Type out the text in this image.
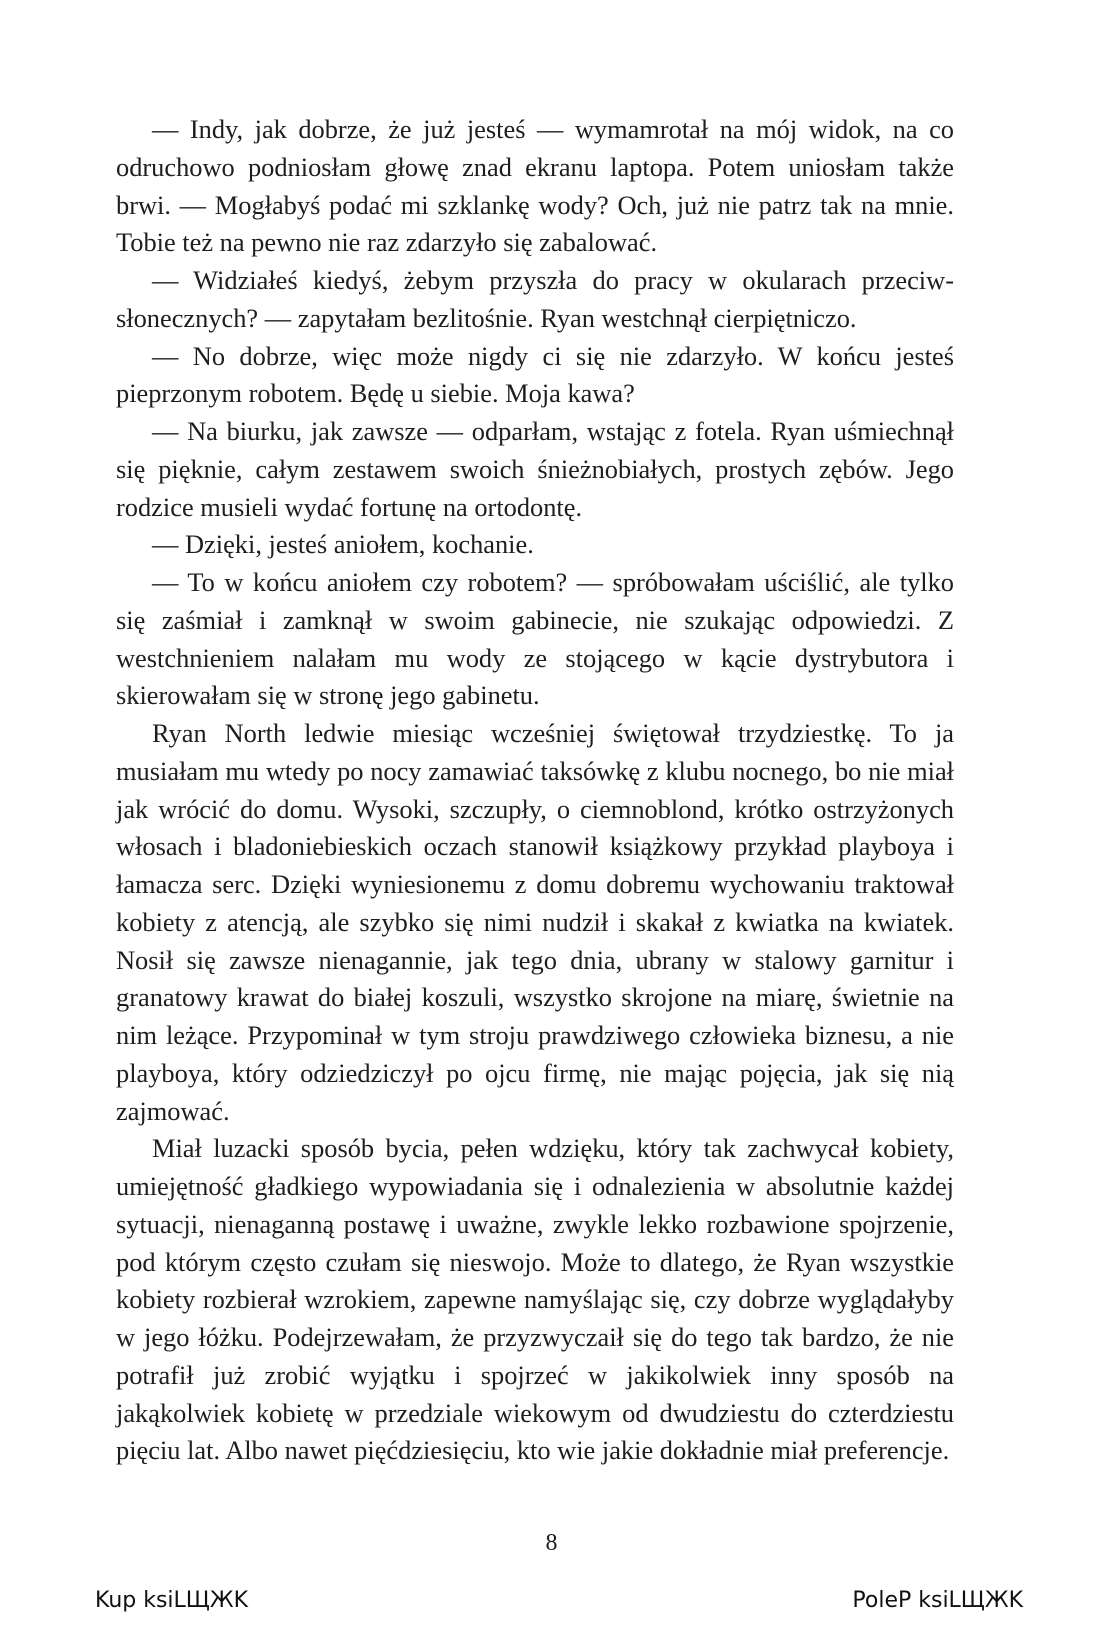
— Indy, jak dobrze, że już jesteś — wymamrotał na mój widok, na co odruchowo podniosłam głowę znad ekranu laptopa. Potem uniosłam także brwi. — Mogłabyś podać mi szklankę wody? Och, już nie patrz tak na mnie. Tobie też na pewno nie raz zdarzyło się zabalować.

— Widziałeś kiedyś, żebym przyszła do pracy w okularach przeciwsłonecznych? — zapytałam bezlitośnie. Ryan westchnął cierpiętniczo.

— No dobrze, więc może nigdy ci się nie zdarzyło. W końcu jesteś pieprzonym robotem. Będę u siebie. Moja kawa?

— Na biurku, jak zawsze — odparłam, wstając z fotela. Ryan uśmiechnął się pięknie, całym zestawem swoich śnieżnobiałych, prostych zębów. Jego rodzice musieli wydać fortunę na ortodontę.

— Dzięki, jesteś aniołem, kochanie.

— To w końcu aniołem czy robotem? — spróbowałam uściślić, ale tylko się zaśmiał i zamknął w swoim gabinecie, nie szukając odpowiedzi. Z westchnieniem nalałam mu wody ze stojącego w kącie dystrybutora i skierowałam się w stronę jego gabinetu.

Ryan North ledwie miesiąc wcześniej świętował trzydziestkę. To ja musiałam mu wtedy po nocy zamawiać taksówkę z klubu nocnego, bo nie miał jak wrócić do domu. Wysoki, szczupły, o ciemnoblond, krótko ostrzyżonych włosach i bladoniebieskich oczach stanowił książkowy przykład playboya i łamacza serc. Dzięki wyniesionemu z domu dobremu wychowaniu traktował kobiety z atencją, ale szybko się nimi nudził i skakał z kwiatka na kwiatek. Nosił się zawsze nienagannie, jak tego dnia, ubrany w stalowy garnitur i granatowy krawat do białej koszuli, wszystko skrojone na miarę, świetnie na nim leżące. Przypominał w tym stroju prawdziwego człowieka biznesu, a nie playboya, który odziedziczył po ojcu firmę, nie mając pojęcia, jak się nią zajmować.

Miał luzacki sposób bycia, pełen wdzięku, który tak zachwycał kobiety, umiejętność gładkiego wypowiadania się i odnalezienia w absolutnie każdej sytuacji, nienaganną postawę i uważne, zwykle lekko rozbawione spojrzenie, pod którym często czułam się nieswojo. Może to dlatego, że Ryan wszystkie kobiety rozbierał wzrokiem, zapewne namyślając się, czy dobrze wyglądałyby w jego łóżku. Podejrzewałam, że przyzwyczaił się do tego tak bardzo, że nie potrafił już zrobić wyjątku i spojrzeć w jakikolwiek inny sposób na jakąkolwiek kobietę w przedziale wiekowym od dwudziestu do czterdziestu pięciu lat. Albo nawet pięćdziesięciu, kto wie jakie dokładnie miał preferencje.

8
Kup ksiLЩЖK	PoleP ksiLЩЖK
